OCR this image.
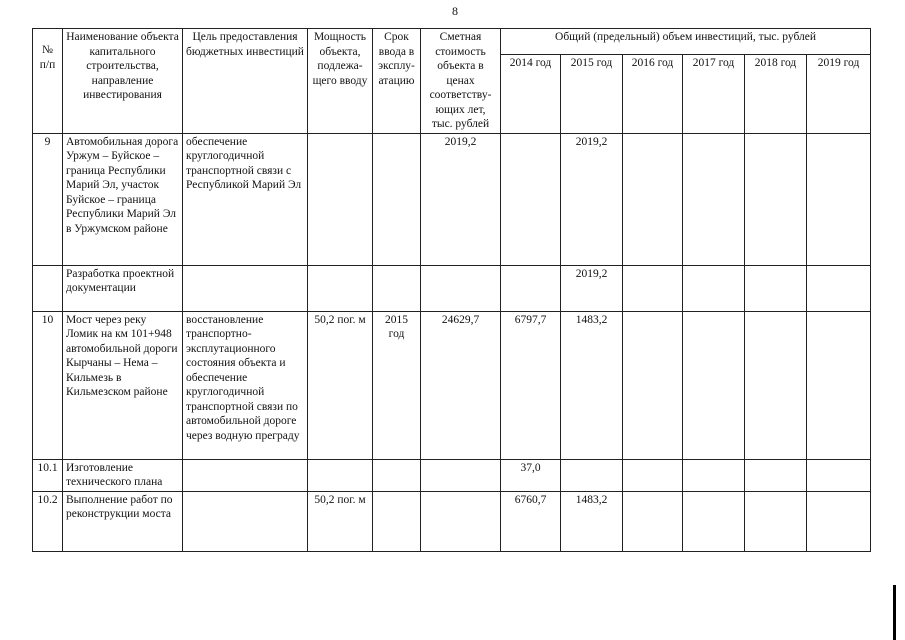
8
№ п/п	Наименование объекта капитального строительства, направление инвестирования	Цель предоставления бюджетных инвестиций	Мощность объекта, подлежа-щего вводу	Срок ввода в эксплу-атацию	Сметная стоимость объекта в ценах соответству-ющих лет, тыс. рублей	Общий (предельный) объем инвестиций, тыс. рублей					
						2014 год	2015 год	2016 год	2017 год	2018 год	2019 год
9	Автомобильная дорога Уржум – Буйское – граница Республики Марий Эл, участок Буйское – граница Республики Марий Эл в Уржумском районе	обеспечение круглогодичной транспортной связи с Республикой Марий Эл			2019,2		2019,2				
	Разработка проектной документации						2019,2				
10	Мост через реку Ломик на км 101+948 автомобильной дороги Кырчаны – Нема – Кильмезь в Кильмезском районе	восстановление транспортно-эксплутационного состояния объекта и обеспечение круглогодичной транспортной связи по автомобильной дороге через водную преграду	50,2 пог. м	2015 год	24629,7	6797,7	1483,2				
10.1	Изготовление технического плана					37,0					
10.2	Выполнение работ по реконструкции моста		50,2 пог. м			6760,7	1483,2				
